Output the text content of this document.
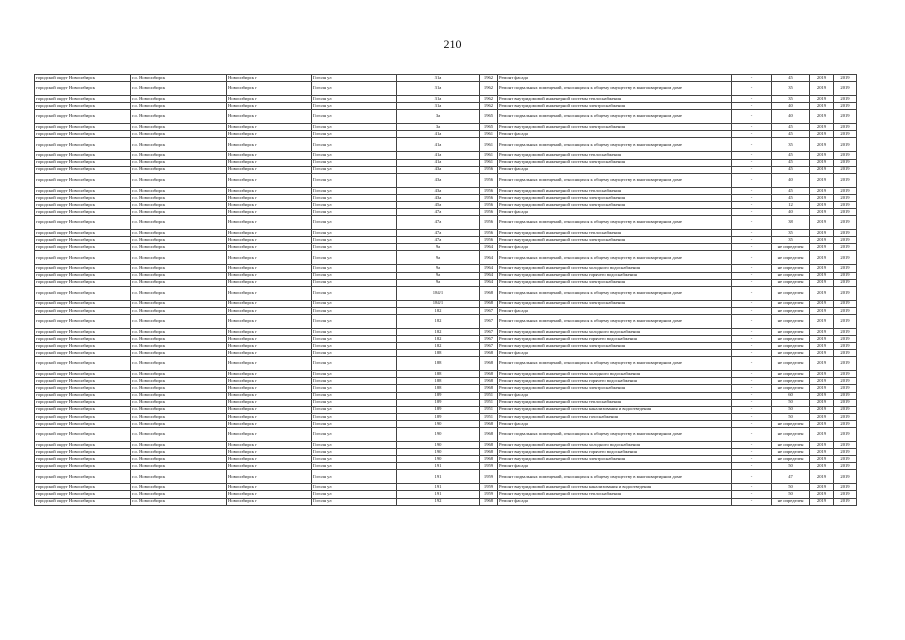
210
городской округ Новосибирск	г.о. Новосибирск	Новосибирск г	Гоголя ул	31а	1962	Ремонт фасада	-	45	2019	2019
городской округ Новосибирск	г.о. Новосибирск	Новосибирск г	Гоголя ул	31а	1962	Ремонт подвальных помещений, относящихся к общему имуществу в многоквартирном доме	-	35	2019	2019
городской округ Новосибирск	г.о. Новосибирск	Новосибирск г	Гоголя ул	31а	1962	Ремонт внутридомовой инженерной системы теплоснабжения	-	35	2019	2019
городской округ Новосибирск	г.о. Новосибирск	Новосибирск г	Гоголя ул	31а	1962	Ремонт внутридомовой инженерной системы электроснабжения	-	40	2019	2019
городской округ Новосибирск	г.о. Новосибирск	Новосибирск г	Гоголя ул	3а	1965	Ремонт подвальных помещений, относящихся к общему имуществу в многоквартирном доме	-	40	2019	2019
городской округ Новосибирск	г.о. Новосибирск	Новосибирск г	Гоголя ул	3а	1965	Ремонт внутридомовой инженерной системы электроснабжения	-	45	2019	2019
городской округ Новосибирск	г.о. Новосибирск	Новосибирск г	Гоголя ул	41а	1961	Ремонт фасада	-	45	2019	2019
городской округ Новосибирск	г.о. Новосибирск	Новосибирск г	Гоголя ул	41а	1961	Ремонт подвальных помещений, относящихся к общему имуществу в многоквартирном доме	-	35	2019	2019
городской округ Новосибирск	г.о. Новосибирск	Новосибирск г	Гоголя ул	41а	1961	Ремонт внутридомовой инженерной системы теплоснабжения	-	45	2019	2019
городской округ Новосибирск	г.о. Новосибирск	Новосибирск г	Гоголя ул	41а	1961	Ремонт внутридомовой инженерной системы электроснабжения	-	45	2019	2019
городской округ Новосибирск	г.о. Новосибирск	Новосибирск г	Гоголя ул	43а	1956	Ремонт фасада	-	45	2019	2019
городской округ Новосибирск	г.о. Новосибирск	Новосибирск г	Гоголя ул	43а	1956	Ремонт подвальных помещений, относящихся к общему имуществу в многоквартирном доме	-	40	2019	2019
городской округ Новосибирск	г.о. Новосибирск	Новосибирск г	Гоголя ул	43а	1956	Ремонт внутридомовой инженерной системы теплоснабжения	-	45	2019	2019
городской округ Новосибирск	г.о. Новосибирск	Новосибирск г	Гоголя ул	43а	1956	Ремонт внутридомовой инженерной системы электроснабжения	-	45	2019	2019
городской округ Новосибирск	г.о. Новосибирск	Новосибирск г	Гоголя ул	45а	1956	Ремонт внутридомовой инженерной системы электроснабжения	-	12	2019	2019
городской округ Новосибирск	г.о. Новосибирск	Новосибирск г	Гоголя ул	47а	1956	Ремонт фасада	-	40	2019	2019
городской округ Новосибирск	г.о. Новосибирск	Новосибирск г	Гоголя ул	47а	1956	Ремонт подвальных помещений, относящихся к общему имуществу в многоквартирном доме	-	38	2019	2019
городской округ Новосибирск	г.о. Новосибирск	Новосибирск г	Гоголя ул	47а	1956	Ремонт внутридомовой инженерной системы теплоснабжения	-	35	2019	2019
городской округ Новосибирск	г.о. Новосибирск	Новосибирск г	Гоголя ул	47а	1956	Ремонт внутридомовой инженерной системы электроснабжения	-	35	2019	2019
городской округ Новосибирск	г.о. Новосибирск	Новосибирск г	Гоголя ул	9а	1964	Ремонт фасада	-	не определен	2019	2019
городской округ Новосибирск	г.о. Новосибирск	Новосибирск г	Гоголя ул	9а	1964	Ремонт подвальных помещений, относящихся к общему имуществу в многоквартирном доме	-	не определен	2019	2019
городской округ Новосибирск	г.о. Новосибирск	Новосибирск г	Гоголя ул	9а	1964	Ремонт внутридомовой инженерной системы холодного водоснабжения	-	не определен	2019	2019
городской округ Новосибирск	г.о. Новосибирск	Новосибирск г	Гоголя ул	9а	1964	Ремонт внутридомовой инженерной системы горячего водоснабжения	-	не определен	2019	2019
городской округ Новосибирск	г.о. Новосибирск	Новосибирск г	Гоголя ул	9а	1964	Ремонт внутридомовой инженерной системы электроснабжения	-	не определен	2019	2019
городской округ Новосибирск	г.о. Новосибирск	Новосибирск г	Гоголя ул	184/1	1968	Ремонт подвальных помещений, относящихся к общему имуществу в многоквартирном доме	-	не определен	2019	2019
городской округ Новосибирск	г.о. Новосибирск	Новосибирск г	Гоголя ул	184/1	1968	Ремонт внутридомовой инженерной системы электроснабжения	-	не определен	2019	2019
городской округ Новосибирск	г.о. Новосибирск	Новосибирск г	Гоголя ул	182	1967	Ремонт фасада	-	не определен	2019	2019
городской округ Новосибирск	г.о. Новосибирск	Новосибирск г	Гоголя ул	182	1967	Ремонт подвальных помещений, относящихся к общему имуществу в многоквартирном доме	-	не определен	2019	2019
городской округ Новосибирск	г.о. Новосибирск	Новосибирск г	Гоголя ул	182	1967	Ремонт внутридомовой инженерной системы холодного водоснабжения	-	не определен	2019	2019
городской округ Новосибирск	г.о. Новосибирск	Новосибирск г	Гоголя ул	182	1967	Ремонт внутридомовой инженерной системы горячего водоснабжения	-	не определен	2019	2019
городской округ Новосибирск	г.о. Новосибирск	Новосибирск г	Гоголя ул	182	1967	Ремонт внутридомовой инженерной системы электроснабжения	-	не определен	2019	2019
городской округ Новосибирск	г.о. Новосибирск	Новосибирск г	Гоголя ул	188	1968	Ремонт фасада	-	не определен	2019	2019
городской округ Новосибирск	г.о. Новосибирск	Новосибирск г	Гоголя ул	188	1968	Ремонт подвальных помещений, относящихся к общему имуществу в многоквартирном доме	-	не определен	2019	2019
городской округ Новосибирск	г.о. Новосибирск	Новосибирск г	Гоголя ул	188	1968	Ремонт внутридомовой инженерной системы холодного водоснабжения	-	не определен	2019	2019
городской округ Новосибирск	г.о. Новосибирск	Новосибирск г	Гоголя ул	188	1968	Ремонт внутридомовой инженерной системы горячего водоснабжения	-	не определен	2019	2019
городской округ Новосибирск	г.о. Новосибирск	Новосибирск г	Гоголя ул	188	1968	Ремонт внутридомовой инженерной системы электроснабжения	-	не определен	2019	2019
городской округ Новосибирск	г.о. Новосибирск	Новосибирск г	Гоголя ул	189	1951	Ремонт фасада	-	60	2019	2019
городской округ Новосибирск	г.о. Новосибирск	Новосибирск г	Гоголя ул	189	1951	Ремонт внутридомовой инженерной системы теплоснабжения	-	50	2019	2019
городской округ Новосибирск	г.о. Новосибирск	Новосибирск г	Гоголя ул	189	1951	Ремонт внутридомовой инженерной системы канализования и водоотведения	-	50	2019	2019
городской округ Новосибирск	г.о. Новосибирск	Новосибирск г	Гоголя ул	189	1951	Ремонт внутридомовой инженерной системы газоснабжения	-	50	2019	2019
городской округ Новосибирск	г.о. Новосибирск	Новосибирск г	Гоголя ул	190	1968	Ремонт фасада	-	не определен	2019	2019
городской округ Новосибирск	г.о. Новосибирск	Новосибирск г	Гоголя ул	190	1968	Ремонт подвальных помещений, относящихся к общему имуществу в многоквартирном доме	-	не определен	2019	2019
городской округ Новосибирск	г.о. Новосибирск	Новосибирск г	Гоголя ул	190	1968	Ремонт внутридомовой инженерной системы холодного водоснабжения	-	не определен	2019	2019
городской округ Новосибирск	г.о. Новосибирск	Новосибирск г	Гоголя ул	190	1968	Ремонт внутридомовой инженерной системы горячего водоснабжения	-	не определен	2019	2019
городской округ Новосибирск	г.о. Новосибирск	Новосибирск г	Гоголя ул	190	1968	Ремонт внутридомовой инженерной системы электроснабжения	-	не определен	2019	2019
городской округ Новосибирск	г.о. Новосибирск	Новосибирск г	Гоголя ул	191	1959	Ремонт фасада	-	50	2019	2019
городской округ Новосибирск	г.о. Новосибирск	Новосибирск г	Гоголя ул	191	1959	Ремонт подвальных помещений, относящихся к общему имуществу в многоквартирном доме	-	47	2019	2019
городской округ Новосибирск	г.о. Новосибирск	Новосибирск г	Гоголя ул	191	1959	Ремонт внутридомовой инженерной системы канализования и водоотведения	-	50	2019	2019
городской округ Новосибирск	г.о. Новосибирск	Новосибирск г	Гоголя ул	191	1959	Ремонт внутридомовой инженерной системы теплоснабжения	-	50	2019	2019
городской округ Новосибирск	г.о. Новосибирск	Новосибирск г	Гоголя ул	192	1968	Ремонт фасада	-	не определен	2019	2019
